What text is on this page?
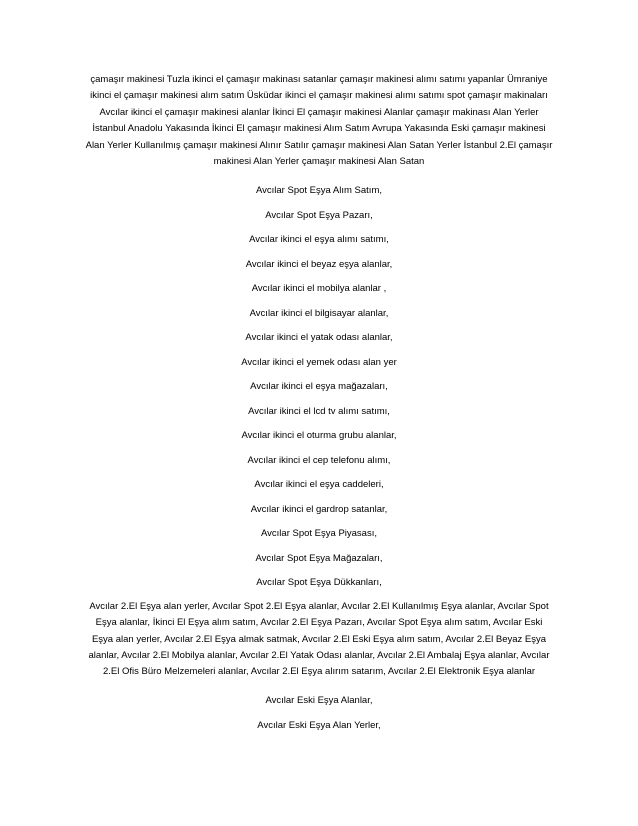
çamaşır makinesi Tuzla ikinci el çamaşır makinası satanlar çamaşır makinesi alımı satımı yapanlar Ümraniye ikinci el çamaşır makinesi alım satım Üsküdar ikinci el çamaşır makinesi alımı satımı spot çamaşır makinaları Avcılar ikinci el çamaşır makinesi alanlar İkinci El çamaşır makinesi Alanlar çamaşır makinası Alan Yerler İstanbul Anadolu Yakasında İkinci El çamaşır makinesi Alım Satım Avrupa Yakasında Eski çamaşır makinesi Alan Yerler Kullanılmış çamaşır makinesi Alınır Satılır çamaşır makinesi Alan Satan Yerler İstanbul 2.El çamaşır makinesi Alan Yerler çamaşır makinesi Alan Satan

Avcılar Spot Eşya Alım Satım,
Avcılar Spot Eşya Pazarı,
Avcılar ikinci el eşya alımı satımı,
Avcılar ikinci el beyaz eşya alanlar,
Avcılar ikinci el mobilya alanlar ,
Avcılar ikinci el bilgisayar alanlar,
Avcılar ikinci el yatak odası alanlar,
Avcılar ikinci el yemek odası alan yer
Avcılar ikinci el eşya mağazaları,
Avcılar ikinci el lcd tv alımı satımı,
Avcılar ikinci el oturma grubu alanlar,
Avcılar ikinci el cep telefonu alımı,
Avcılar ikinci el eşya caddeleri,
Avcılar ikinci el gardrop satanlar,
Avcılar Spot Eşya Piyasası,
Avcılar Spot Eşya Mağazaları,
Avcılar Spot Eşya Dükkanları,

Avcılar 2.El Eşya alan yerler, Avcılar Spot 2.El Eşya alanlar, Avcılar 2.El Kullanılmış Eşya alanlar, Avcılar Spot Eşya alanlar, İkinci El Eşya alım satım, Avcılar 2.El Eşya Pazarı, Avcılar Spot Eşya alım satım, Avcılar Eski Eşya alan yerler, Avcılar 2.El Eşya almak satmak, Avcılar 2.El Eski Eşya alım satım, Avcılar 2.El Beyaz Eşya alanlar, Avcılar 2.El Mobilya alanlar, Avcılar 2.El Yatak Odası alanlar, Avcılar 2.El Ambalaj Eşya alanlar, Avcılar 2.El Ofis Büro Melzemeleri alanlar, Avcılar 2.El Eşya alırım satarım, Avcılar 2.El Elektronik Eşya alanlar

Avcılar Eski Eşya Alanlar,
Avcılar Eski Eşya Alan Yerler,
